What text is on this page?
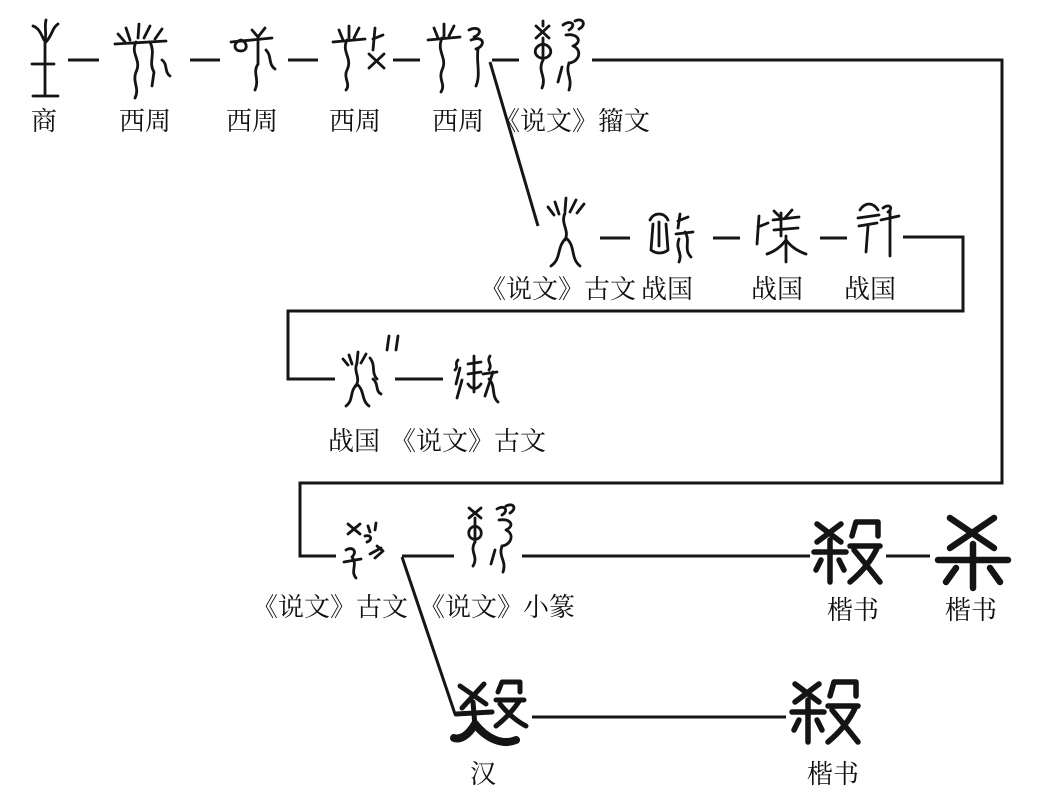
商 西周 西周 西周 西周 《说文》籀文
《说文》古文 战国 战国 战国
战国 《说文》古文
《说文》古文 《说文》小篆	楷书	楷书
汉	楷书
